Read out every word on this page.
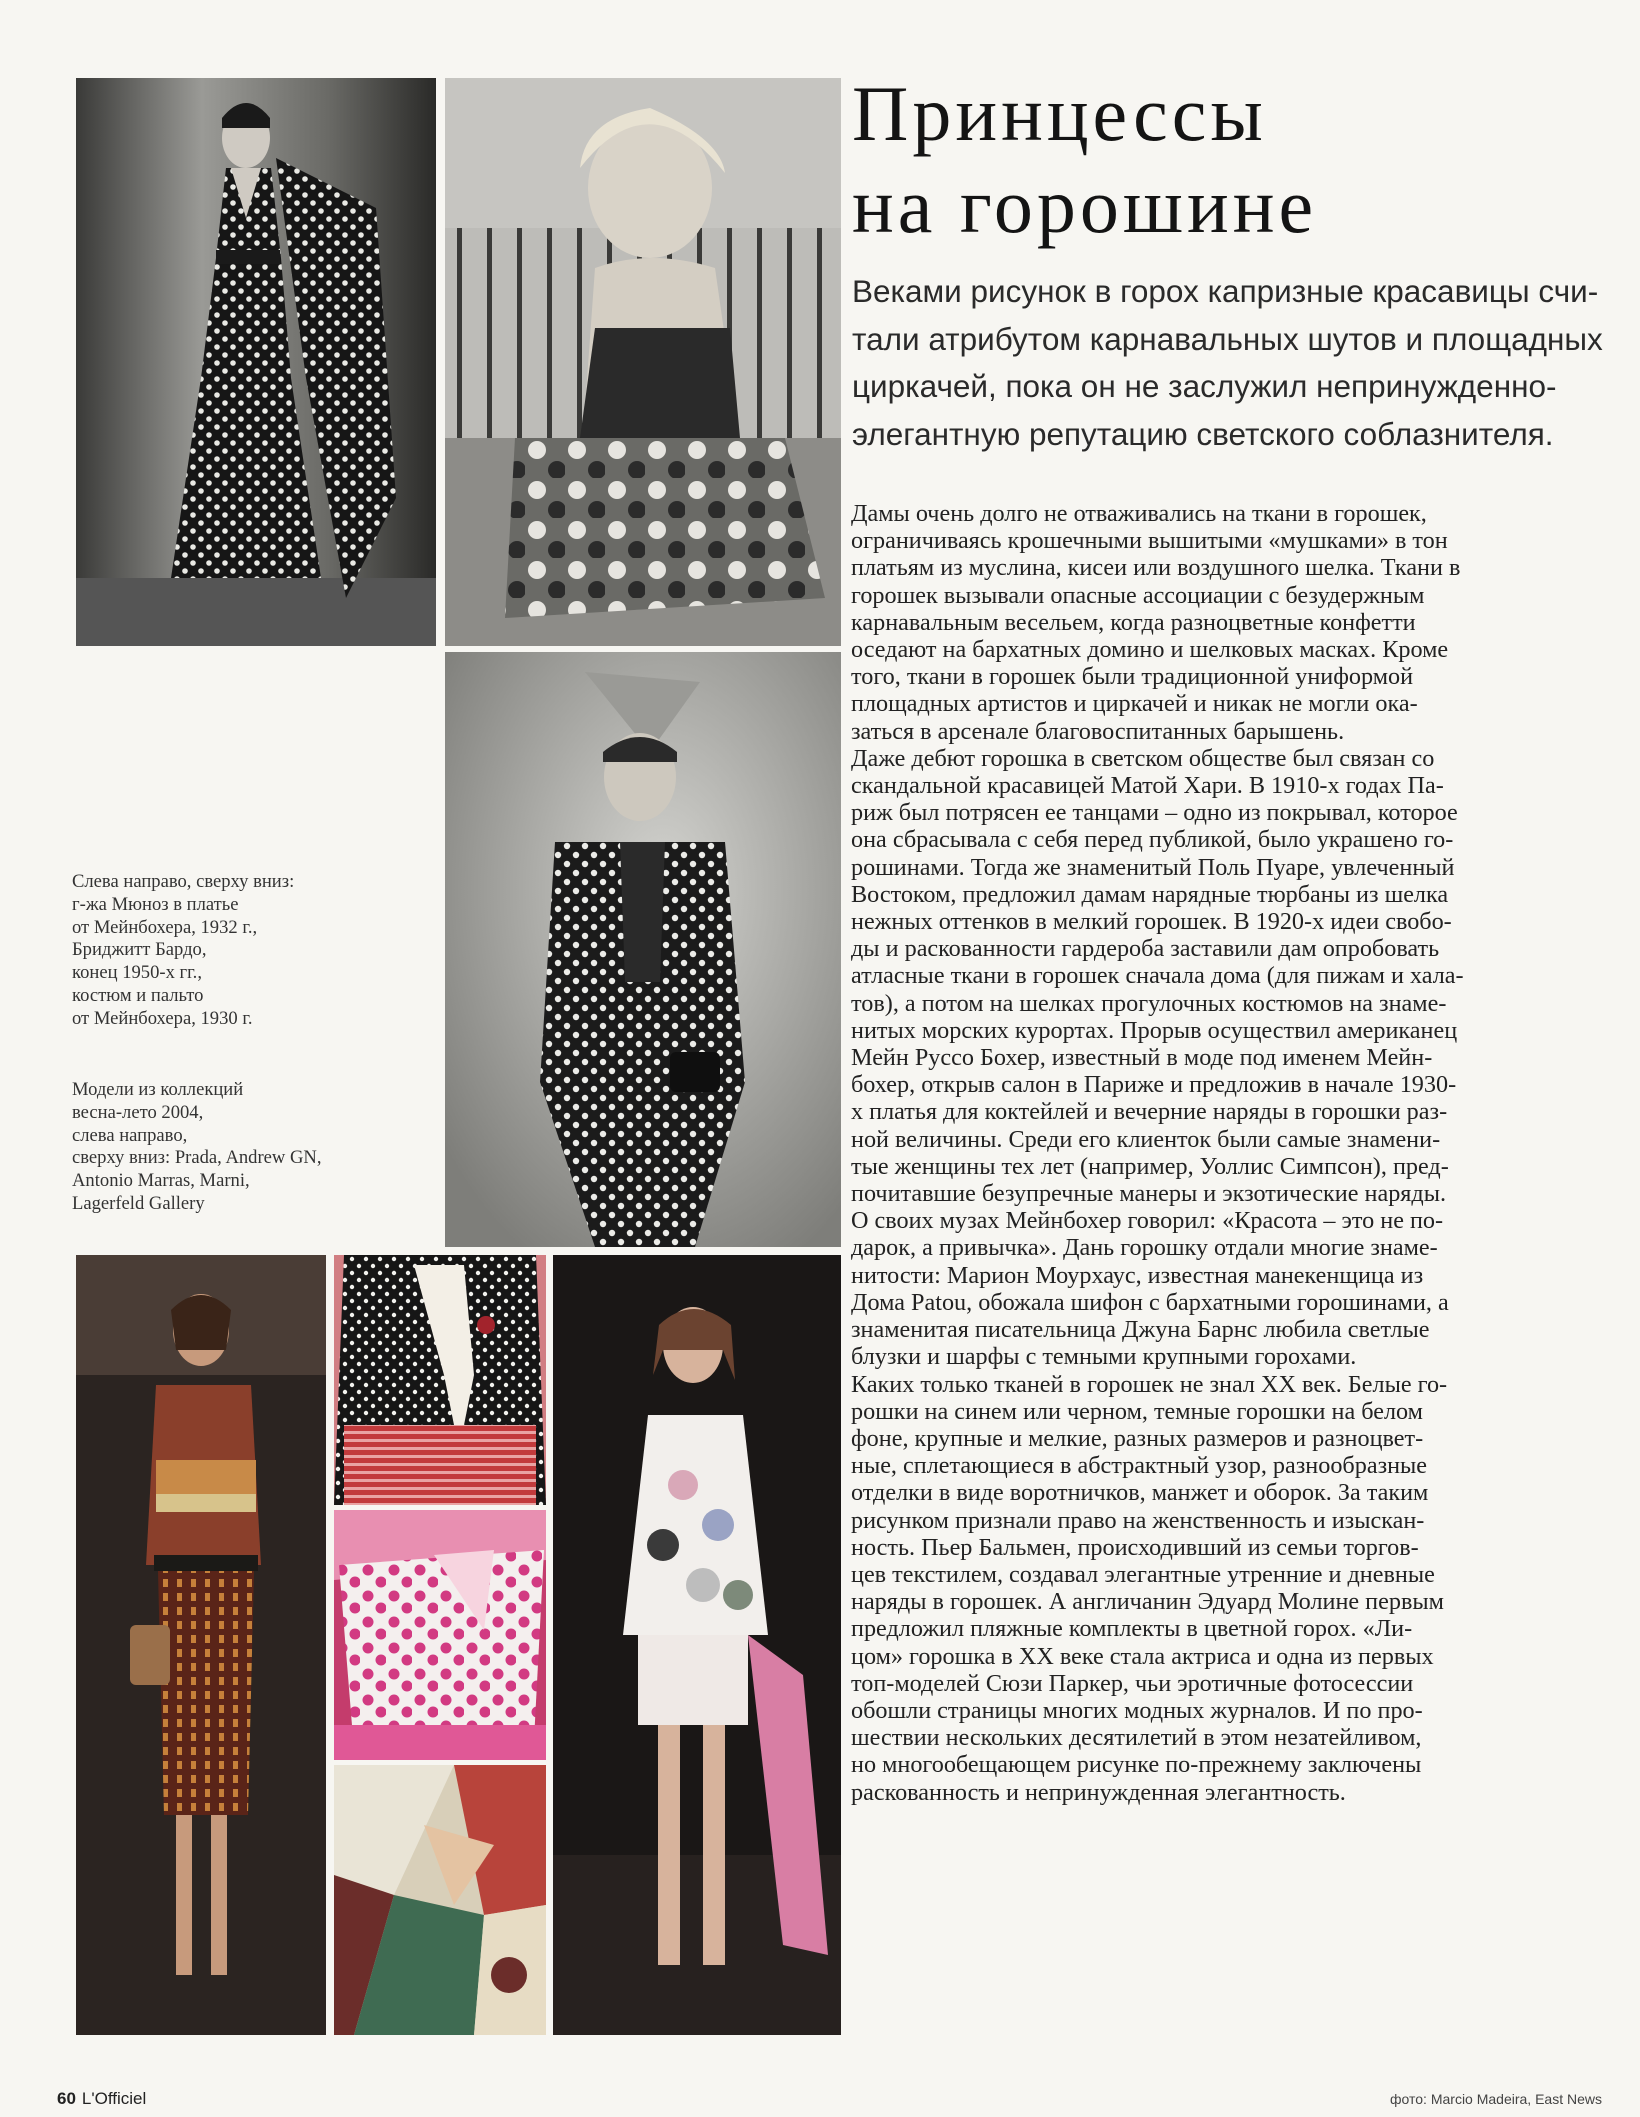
Слева направо, сверху вниз:
г-жа Мюноз в платье
от Мейнбохера, 1932 г.,
Бриджитт Бардо,
конец 1950-х гг.,
костюм и пальто
от Мейнбохера, 1930 г.
Модели из коллекций
весна-лето 2004,
слева направо,
сверху вниз: Prada, Andrew GN,
Antonio Marras, Marni,
Lagerfeld Gallery
Принцессы
на горошине
Веками рисунок в горох капризные красавицы счи-
тали атрибутом карнавальных шутов и площадных
циркачей, пока он не заслужил непринужденно-
элегантную репутацию светского соблазнителя.
Дамы очень долго не отваживались на ткани в горошек,
ограничиваясь крошечными вышитыми «мушками» в тон
платьям из муслина, кисеи или воздушного шелка. Ткани в
горошек вызывали опасные ассоциации с безудержным
карнавальным весельем, когда разноцветные конфетти
оседают на бархатных домино и шелковых масках. Кроме
того, ткани в горошек были традиционной униформой
площадных артистов и циркачей и никак не могли ока-
заться в арсенале благовоспитанных барышень.
Даже дебют горошка в светском обществе был связан со
скандальной красавицей Матой Хари. В 1910-х годах Па-
риж был потрясен ее танцами – одно из покрывал, которое
она сбрасывала с себя перед публикой, было украшено го-
рошинами. Тогда же знаменитый Поль Пуаре, увлеченный
Востоком, предложил дамам нарядные тюрбаны из шелка
нежных оттенков в мелкий горошек. В 1920-х идеи свобо-
ды и раскованности гардероба заставили дам опробовать
атласные ткани в горошек сначала дома (для пижам и хала-
тов), а потом на шелках прогулочных костюмов на знаме-
нитых морских курортах. Прорыв осуществил американец
Мейн Руссо Бохер, известный в моде под именем Мейн-
бохер, открыв салон в Париже и предложив в начале 1930-
х платья для коктейлей и вечерние наряды в горошки раз-
ной величины. Среди его клиенток были самые знамени-
тые женщины тех лет (например, Уоллис Симпсон), пред-
почитавшие безупречные манеры и экзотические наряды.
О своих музах Мейнбохер говорил: «Красота – это не по-
дарок, а привычка». Дань горошку отдали многие знаме-
нитости: Марион Моурхаус, известная манекенщица из
Дома Patou, обожала шифон с бархатными горошинами, а
знаменитая писательница Джуна Барнс любила светлые
блузки и шарфы с темными крупными горохами.
Каких только тканей в горошек не знал XX век. Белые го-
рошки на синем или черном, темные горошки на белом
фоне, крупные и мелкие, разных размеров и разноцвет-
ные, сплетающиеся в абстрактный узор, разнообразные
отделки в виде воротничков, манжет и оборок. За таким
рисунком признали право на женственность и изыскан-
ность. Пьер Бальмен, происходивший из семьи торгов-
цев текстилем, создавал элегантные утренние и дневные
наряды в горошек. А англичанин Эдуард Молине первым
предложил пляжные комплекты в цветной горох. «Ли-
цом» горошка в XX веке стала актриса и одна из первых
топ-моделей Сюзи Паркер, чьи эротичные фотосессии
обошли страницы многих модных журналов. И по про-
шествии нескольких десятилетий в этом незатейливом,
но многообещающем рисунке по-прежнему заключены
раскованность и непринужденная элегантность.
60 L'Officiel	фото: Marcio Madeira, East News
